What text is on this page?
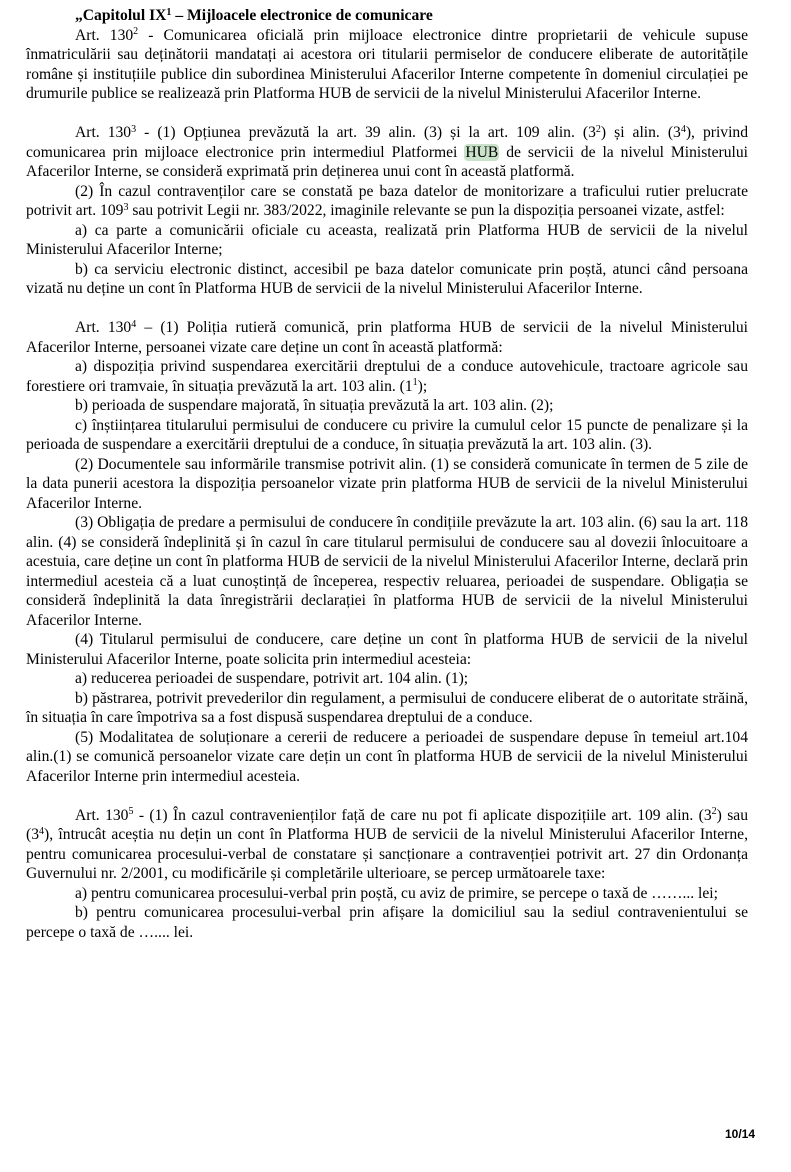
„Capitolul $IX^1$ – Mijloacele electronice de comunicare

Art. $130^2$ - Comunicarea oficială prin mijloace electronice dintre proprietarii de vehicule supuse înmatriculării sau deținătorii mandatați ai acestora ori titularii permiselor de conducere eliberate de autoritățile române și instituțiile publice din subordinea Ministerului Afacerilor Interne competente în domeniul circulației pe drumurile publice se realizează prin Platforma HUB de servicii de la nivelul Ministerului Afacerilor Interne.

Art. $130^3 - (1)$ Opțiunea prevăzută la art. 39 alin. (3) și la art. 109 alin. $(3^2)$ și alin. $(3^4)$, privind comunicarea prin mijloace electronice prin intermediul Platformei HUB de servicii de la nivelul Ministerului Afacerilor Interne, se consideră exprimată prin deținerea unui cont în această platformă.

(2) În cazul contravenților care se constată pe baza datelor de monitorizare a traficului rutier prelucrate potrivit art. $109^3$ sau potrivit Legii nr. 383/2022, imaginile relevante se pun la dispoziția persoanei vizate, astfel:

a) ca parte a comunicării oficiale cu aceasta, realizată prin Platforma HUB de servicii de la nivelul Ministerului Afacerilor Interne;

b) ca serviciu electronic distinct, accesibil pe baza datelor comunicate prin poștă, atunci când persoana vizată nu deține un cont în Platforma HUB de servicii de la nivelul Ministerului Afacerilor Interne.

Art. $130^4 - (1)$ Poliția rutieră comunică, prin platforma HUB de servicii de la nivelul Ministerului Afacerilor Interne, persoanei vizate care deține un cont în această platformă:

a) dispoziția privind suspendarea exercitării dreptului de a conduce autovehicule, tractoare agricole sau forestiere ori tramvaie, în situația prevăzută la art. 103 alin. $(1^1)$;

b) perioada de suspendare majorată, în situația prevăzută la art. 103 alin. (2);

c) înștiințarea titularului permisului de conducere cu privire la cumulul celor 15 puncte de penalizare și la perioada de suspendare a exercitării dreptului de a conduce, în situația prevăzută la art. 103 alin. (3).

(2) Documentele sau informările transmise potrivit alin. (1) se consideră comunicate în termen de 5 zile de la data punerii acestora la dispoziția persoanelor vizate prin platforma HUB de servicii de la nivelul Ministerului Afacerilor Interne.

(3) Obligația de predare a permisului de conducere în condițiile prevăzute la art. 103 alin. (6) sau la art. 118 alin. (4) se consideră îndeplinită și în cazul în care titularul permisului de conducere sau al dovezii înlocuitoare a acestuia, care deține un cont în platforma HUB de servicii de la nivelul Ministerului Afacerilor Interne, declară prin intermediul acesteia că a luat cunoștință de începerea, respectiv reluarea, perioadei de suspendare. Obligația se consideră îndeplinită la data înregistrării declarației în platforma HUB de servicii de la nivelul Ministerului Afacerilor Interne.

(4) Titularul permisului de conducere, care deține un cont în platforma HUB de servicii de la nivelul Ministerului Afacerilor Interne, poate solicita prin intermediul acesteia:

a) reducerea perioadei de suspendare, potrivit art. 104 alin. (1);

b) păstrarea, potrivit prevederilor din regulament, a permisului de conducere eliberat de o autoritate străină, în situația în care împotriva sa a fost dispusă suspendarea dreptului de a conduce.

(5) Modalitatea de soluționare a cererii de reducere a perioadei de suspendare depuse în temeiul art.104 alin.(1) se comunică persoanelor vizate care dețin un cont în platforma HUB de servicii de la nivelul Ministerului Afacerilor Interne prin intermediul acesteia.

Art. $130^5 - (1)$ În cazul contravenienților față de care nu pot fi aplicate dispozițiile art. 109 alin. $(3^2)$ sau $(3^4)$, întrucât aceștia nu dețin un cont în Platforma HUB de servicii de la nivelul Ministerului Afacerilor Interne, pentru comunicarea procesului-verbal de constatare și sancționare a contravenției potrivit art. 27 din Ordonanța Guvernului nr. 2/2001, cu modificările și completările ulterioare, se percep următoarele taxe:

a) pentru comunicarea procesului-verbal prin poștă, cu aviz de primire, se percepe o taxă de ……... lei;

b) pentru comunicarea procesului-verbal prin afișare la domiciliul sau la sediul contravenientului se percepe o taxă de ….... lei.

10/14
